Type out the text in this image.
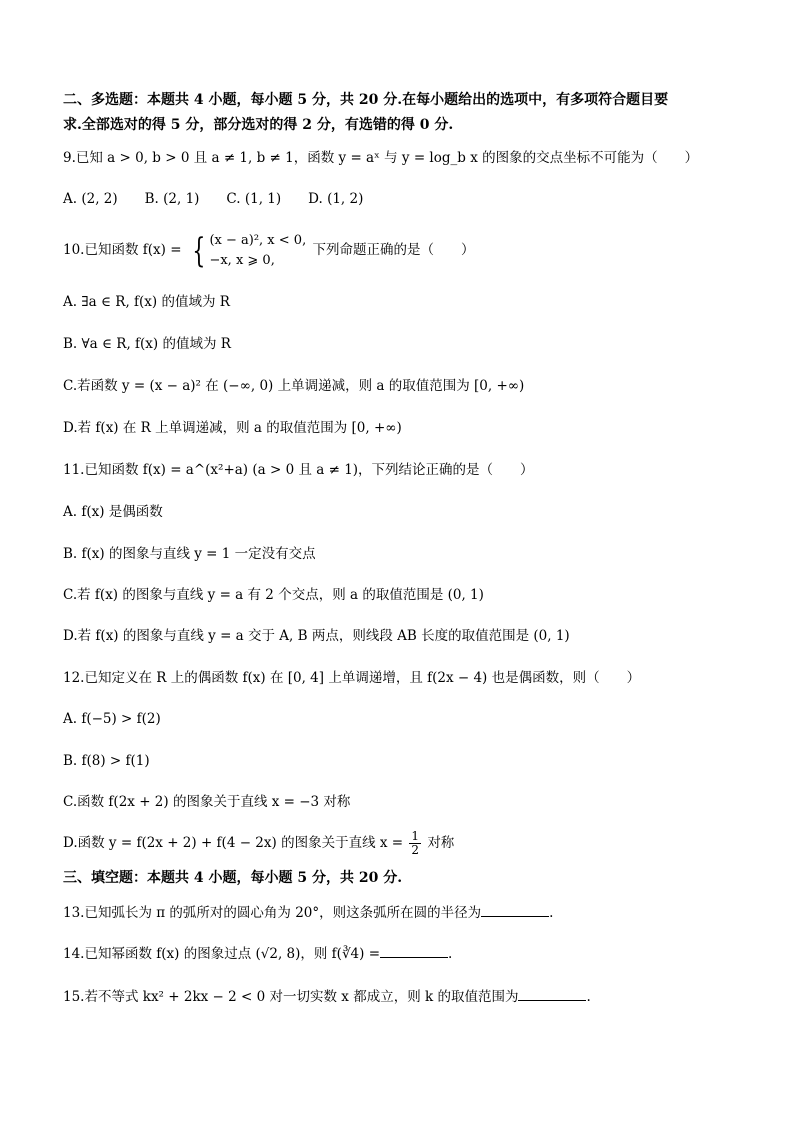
二、多选题：本题共 4 小题，每小题 5 分，共 20 分.在每小题给出的选项中，有多项符合题目要
求.全部选对的得 5 分，部分选对的得 2 分，有选错的得 0 分.
9.已知 a > 0, b > 0 且 a ≠ 1, b ≠ 1，函数 y = aˣ 与 y = log_b x 的图象的交点坐标不可能为（　　）
A. (2, 2)　　B. (2, 1)　　C. (1, 1)　　D. (1, 2)
10.已知函数 f(x) = { (x − a)², x < 0,
−x, x ⩾ 0,
下列命题正确的是（　　）
A. ∃a ∈ R, f(x) 的值域为 R
B. ∀a ∈ R, f(x) 的值域为 R
C.若函数 y = (x − a)² 在 (−∞, 0) 上单调递减，则 a 的取值范围为 [0, +∞)
D.若 f(x) 在 R 上单调递减，则 a 的取值范围为 [0, +∞)
11.已知函数 f(x) = a^(x²+a) (a > 0 且 a ≠ 1)，下列结论正确的是（　　）
A. f(x) 是偶函数
B. f(x) 的图象与直线 y = 1 一定没有交点
C.若 f(x) 的图象与直线 y = a 有 2 个交点，则 a 的取值范围是 (0, 1)
D.若 f(x) 的图象与直线 y = a 交于 A, B 两点，则线段 AB 长度的取值范围是 (0, 1)
12.已知定义在 R 上的偶函数 f(x) 在 [0, 4] 上单调递增，且 f(2x − 4) 也是偶函数，则（　　）
A. f(−5) > f(2)
B. f(8) > f(1)
C.函数 f(2x + 2) 的图象关于直线 x = −3 对称
D.函数 y = f(2x + 2) + f(4 − 2x) 的图象关于直线 $x = \frac{1}{2}$ 对称
三、填空题：本题共 4 小题，每小题 5 分，共 20 分.
13.已知弧长为 π 的弧所对的圆心角为 20°，则这条弧所在圆的半径为	.
14.已知幂函数 f(x) 的图象过点 (√2, 8)，则 f(∛4) =	.
15.若不等式 kx² + 2kx − 2 < 0 对一切实数 x 都成立，则 k 的取值范围为	.
